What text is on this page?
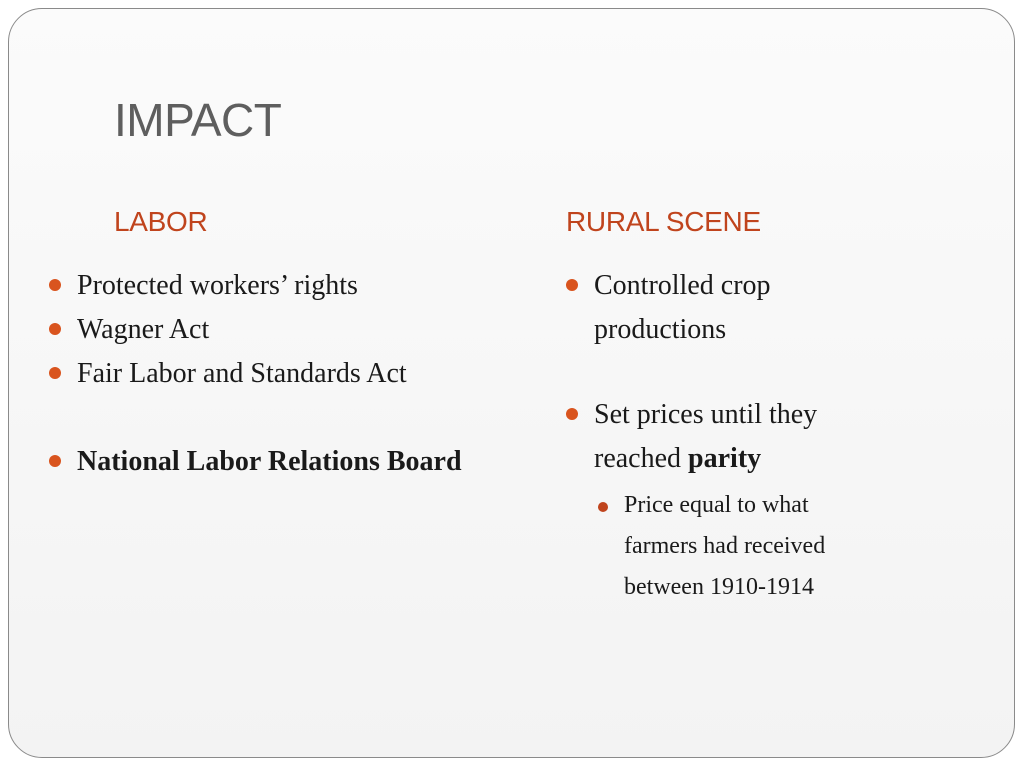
IMPACT
LABOR	RURAL SCENE
Protected workers’ rights
Wagner Act
Fair Labor and Standards Act
National Labor Relations Board
Controlled crop productions
Set prices until they reached parity
Price equal to what farmers had received between 1910-1914
